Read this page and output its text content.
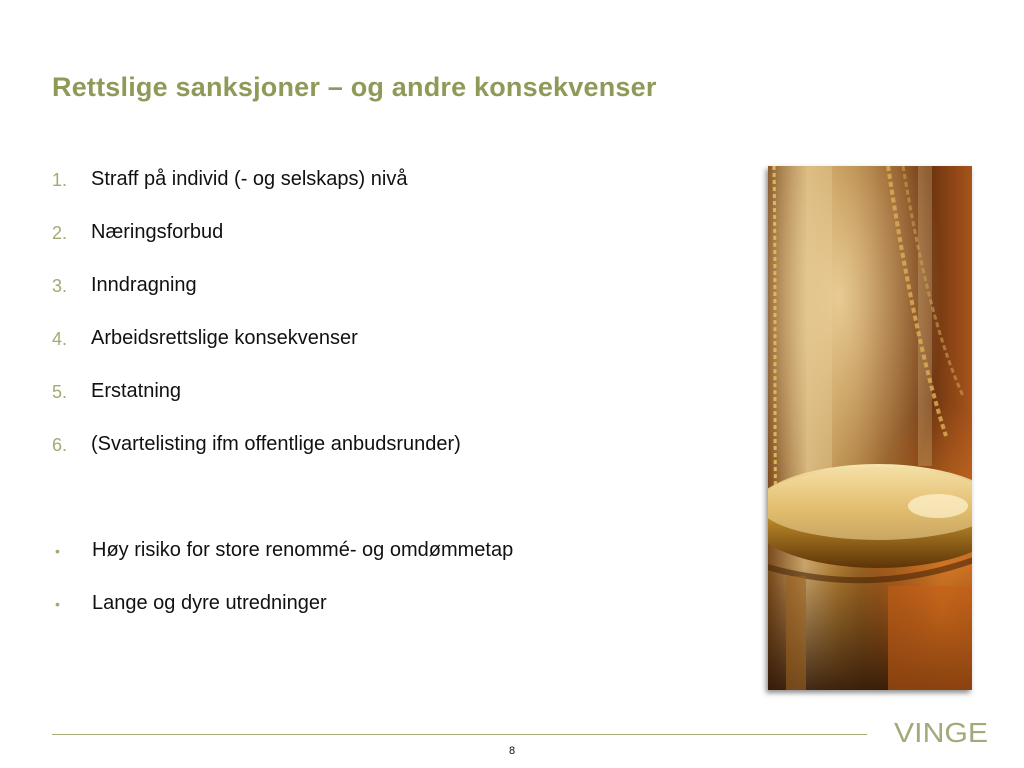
Rettslige sanksjoner – og andre konsekvenser
1.	Straff på individ (- og selskaps) nivå
2.	Næringsforbud
3.	Inndragning
4.	Arbeidsrettslige konsekvenser
5.	Erstatning
6.	(Svartelisting ifm offentlige anbudsrunder)
•	Høy risiko for store renommé- og omdømmetap
•	Lange og dyre utredninger
8
VINGE
